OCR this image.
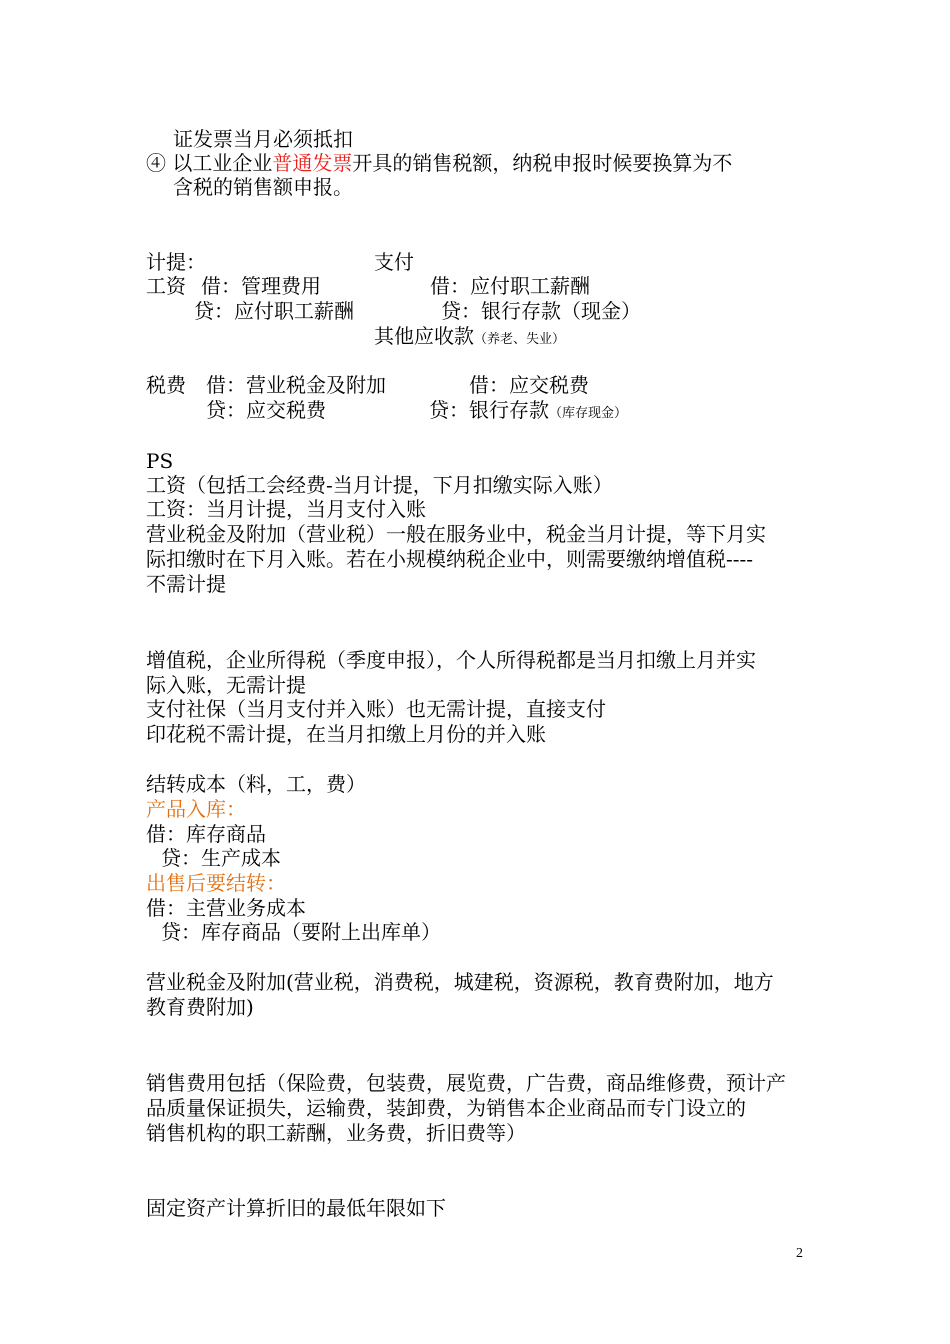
证发票当月必须抵扣

④ 以工业企业普通发票开具的销售税额，纳税申报时候要换算为不

含税的销售额申报。

计提：	支付

工资 借：管理费用	借：应付职工薪酬

贷：应付职工薪酬	贷：银行存款（现金）

其他应收款（养老、失业）

税费 借：营业税金及附加	借：应交税费

贷：应交税费	贷：银行存款（库存现金）

PS

工资（包括工会经费-当月计提，下月扣缴实际入账）

工资：当月计提，当月支付入账

营业税金及附加（营业税）一般在服务业中，税金当月计提，等下月实

际扣缴时在下月入账。若在小规模纳税企业中，则需要缴纳增值税----

不需计提

增值税，企业所得税（季度申报），个人所得税都是当月扣缴上月并实

际入账，无需计提

支付社保（当月支付并入账）也无需计提，直接支付

印花税不需计提，在当月扣缴上月份的并入账

结转成本（料，工，费）

产品入库：

借：库存商品

贷：生产成本

出售后要结转：

借：主营业务成本

贷：库存商品（要附上出库单）

营业税金及附加(营业税，消费税，城建税，资源税，教育费附加，地方

教育费附加)

销售费用包括（保险费，包装费，展览费，广告费，商品维修费，预计产

品质量保证损失，运输费，装卸费，为销售本企业商品而专门设立的

销售机构的职工薪酬，业务费，折旧费等）

固定资产计算折旧的最低年限如下

2
